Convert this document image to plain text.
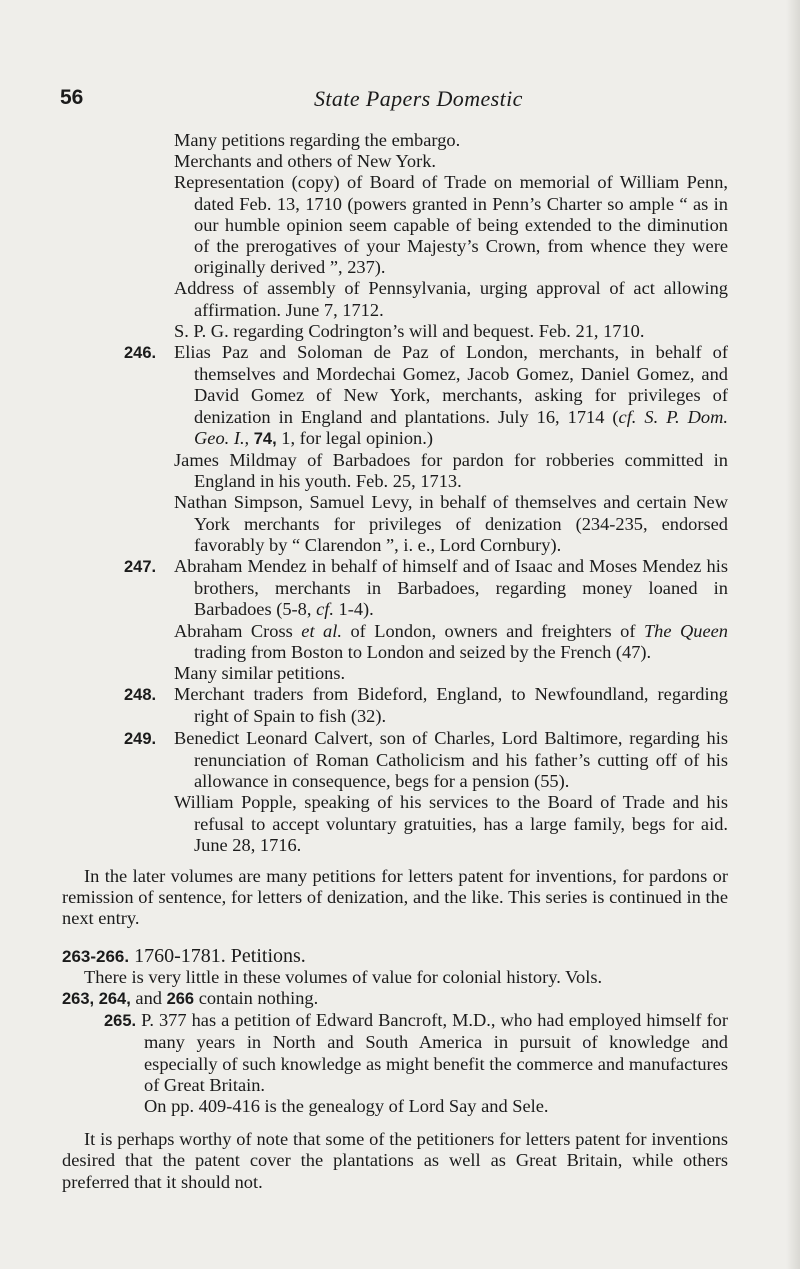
56	State Papers Domestic

Many petitions regarding the embargo.

Merchants and others of New York.

Representation (copy) of Board of Trade on memorial of William Penn, dated Feb. 13, 1710 (powers granted in Penn’s Charter so ample “ as in our humble opinion seem capable of being extended to the diminution of the prerogatives of your Majesty’s Crown, from whence they were originally derived ”, 237).

Address of assembly of Pennsylvania, urging approval of act allowing affirmation. June 7, 1712.

S. P. G. regarding Codrington’s will and bequest. Feb. 21, 1710.

246. Elias Paz and Soloman de Paz of London, merchants, in behalf of themselves and Mordechai Gomez, Jacob Gomez, Daniel Gomez, and David Gomez of New York, merchants, asking for privileges of denization in England and plantations. July 16, 1714 (cf. S. P. Dom. Geo. I., 74, 1, for legal opinion.)

James Mildmay of Barbadoes for pardon for robberies committed in England in his youth. Feb. 25, 1713.

Nathan Simpson, Samuel Levy, in behalf of themselves and certain New York merchants for privileges of denization (234-235, endorsed favorably by “ Clarendon ”, i. e., Lord Cornbury).

247. Abraham Mendez in behalf of himself and of Isaac and Moses Mendez his brothers, merchants in Barbadoes, regarding money loaned in Barbadoes (5-8, cf. 1-4).

Abraham Cross et al. of London, owners and freighters of The Queen trading from Boston to London and seized by the French (47).

Many similar petitions.

248. Merchant traders from Bideford, England, to Newfoundland, regarding right of Spain to fish (32).

249. Benedict Leonard Calvert, son of Charles, Lord Baltimore, regarding his renunciation of Roman Catholicism and his father’s cutting off of his allowance in consequence, begs for a pension (55).

William Popple, speaking of his services to the Board of Trade and his refusal to accept voluntary gratuities, has a large family, begs for aid. June 28, 1716.

In the later volumes are many petitions for letters patent for inventions, for pardons or remission of sentence, for letters of denization, and the like. This series is continued in the next entry.

263-266. 1760-1781. Petitions.

There is very little in these volumes of value for colonial history. Vols.

263, 264, and 266 contain nothing.

265. P. 377 has a petition of Edward Bancroft, M.D., who had employed himself for many years in North and South America in pursuit of knowledge and especially of such knowledge as might benefit the commerce and manufactures of Great Britain.

On pp. 409-416 is the genealogy of Lord Say and Sele.

It is perhaps worthy of note that some of the petitioners for letters patent for inventions desired that the patent cover the plantations as well as Great Britain, while others preferred that it should not.
